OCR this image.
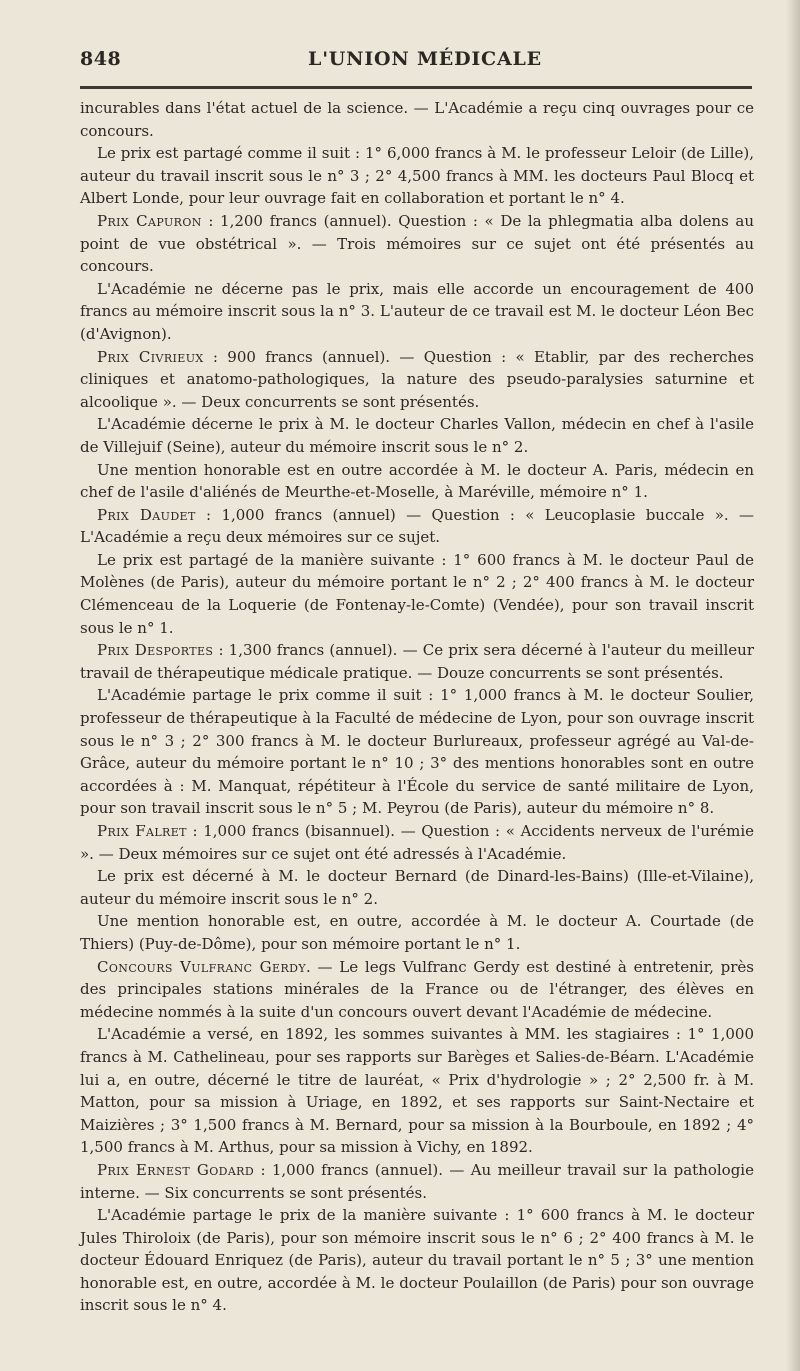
848	L'UNION MÉDICALE

incurables dans l'état actuel de la science. — L'Académie a reçu cinq ouvrages pour ce concours.

Le prix est partagé comme il suit : 1° 6,000 francs à M. le professeur Leloir (de Lille), auteur du travail inscrit sous le n° 3 ; 2° 4,500 francs à MM. les docteurs Paul Blocq et Albert Londe, pour leur ouvrage fait en collaboration et portant le n° 4.

Prix Capuron : 1,200 francs (annuel). Question : « De la phlegmatia alba dolens au point de vue obstétrical ». — Trois mémoires sur ce sujet ont été présentés au concours.

L'Académie ne décerne pas le prix, mais elle accorde un encouragement de 400 francs au mémoire inscrit sous la n° 3. L'auteur de ce travail est M. le docteur Léon Bec (d'Avignon).

Prix Civrieux : 900 francs (annuel). — Question : « Etablir, par des recherches cliniques et anatomo-pathologiques, la nature des pseudo-paralysies saturnine et alcoolique ». — Deux concurrents se sont présentés.

L'Académie décerne le prix à M. le docteur Charles Vallon, médecin en chef à l'asile de Villejuif (Seine), auteur du mémoire inscrit sous le n° 2.

Une mention honorable est en outre accordée à M. le docteur A. Paris, médecin en chef de l'asile d'aliénés de Meurthe-et-Moselle, à Maréville, mémoire n° 1.

Prix Daudet : 1,000 francs (annuel) — Question : « Leucoplasie buccale ». — L'Académie a reçu deux mémoires sur ce sujet.

Le prix est partagé de la manière suivante : 1° 600 francs à M. le docteur Paul de Molènes (de Paris), auteur du mémoire portant le n° 2 ; 2° 400 francs à M. le docteur Clémenceau de la Loquerie (de Fontenay-le-Comte) (Vendée), pour son travail inscrit sous le n° 1.

Prix Desportes : 1,300 francs (annuel). — Ce prix sera décerné à l'auteur du meilleur travail de thérapeutique médicale pratique. — Douze concurrents se sont présentés.

L'Académie partage le prix comme il suit : 1° 1,000 francs à M. le docteur Soulier, professeur de thérapeutique à la Faculté de médecine de Lyon, pour son ouvrage inscrit sous le n° 3 ; 2° 300 francs à M. le docteur Burlureaux, professeur agrégé au Val-de-Grâce, auteur du mémoire portant le n° 10 ; 3° des mentions honorables sont en outre accordées à : M. Manquat, répétiteur à l'École du service de santé militaire de Lyon, pour son travail inscrit sous le n° 5 ; M. Peyrou (de Paris), auteur du mémoire n° 8.

Prix Falret : 1,000 francs (bisannuel). — Question : « Accidents nerveux de l'urémie ». — Deux mémoires sur ce sujet ont été adressés à l'Académie.

Le prix est décerné à M. le docteur Bernard (de Dinard-les-Bains) (Ille-et-Vilaine), auteur du mémoire inscrit sous le n° 2.

Une mention honorable est, en outre, accordée à M. le docteur A. Courtade (de Thiers) (Puy-de-Dôme), pour son mémoire portant le n° 1.

Concours Vulfranc Gerdy. — Le legs Vulfranc Gerdy est destiné à entretenir, près des principales stations minérales de la France ou de l'étranger, des élèves en médecine nommés à la suite d'un concours ouvert devant l'Académie de médecine.

L'Académie a versé, en 1892, les sommes suivantes à MM. les stagiaires : 1° 1,000 francs à M. Cathelineau, pour ses rapports sur Barèges et Salies-de-Béarn. L'Académie lui a, en outre, décerné le titre de lauréat, « Prix d'hydrologie » ; 2° 2,500 fr. à M. Matton, pour sa mission à Uriage, en 1892, et ses rapports sur Saint-Nectaire et Maizières ; 3° 1,500 francs à M. Bernard, pour sa mission à la Bourboule, en 1892 ; 4° 1,500 francs à M. Arthus, pour sa mission à Vichy, en 1892.

Prix Ernest Godard : 1,000 francs (annuel). — Au meilleur travail sur la pathologie interne. — Six concurrents se sont présentés.

L'Académie partage le prix de la manière suivante : 1° 600 francs à M. le docteur Jules Thiroloix (de Paris), pour son mémoire inscrit sous le n° 6 ; 2° 400 francs à M. le docteur Édouard Enriquez (de Paris), auteur du travail portant le n° 5 ; 3° une mention honorable est, en outre, accordée à M. le docteur Poulaillon (de Paris) pour son ouvrage inscrit sous le n° 4.
